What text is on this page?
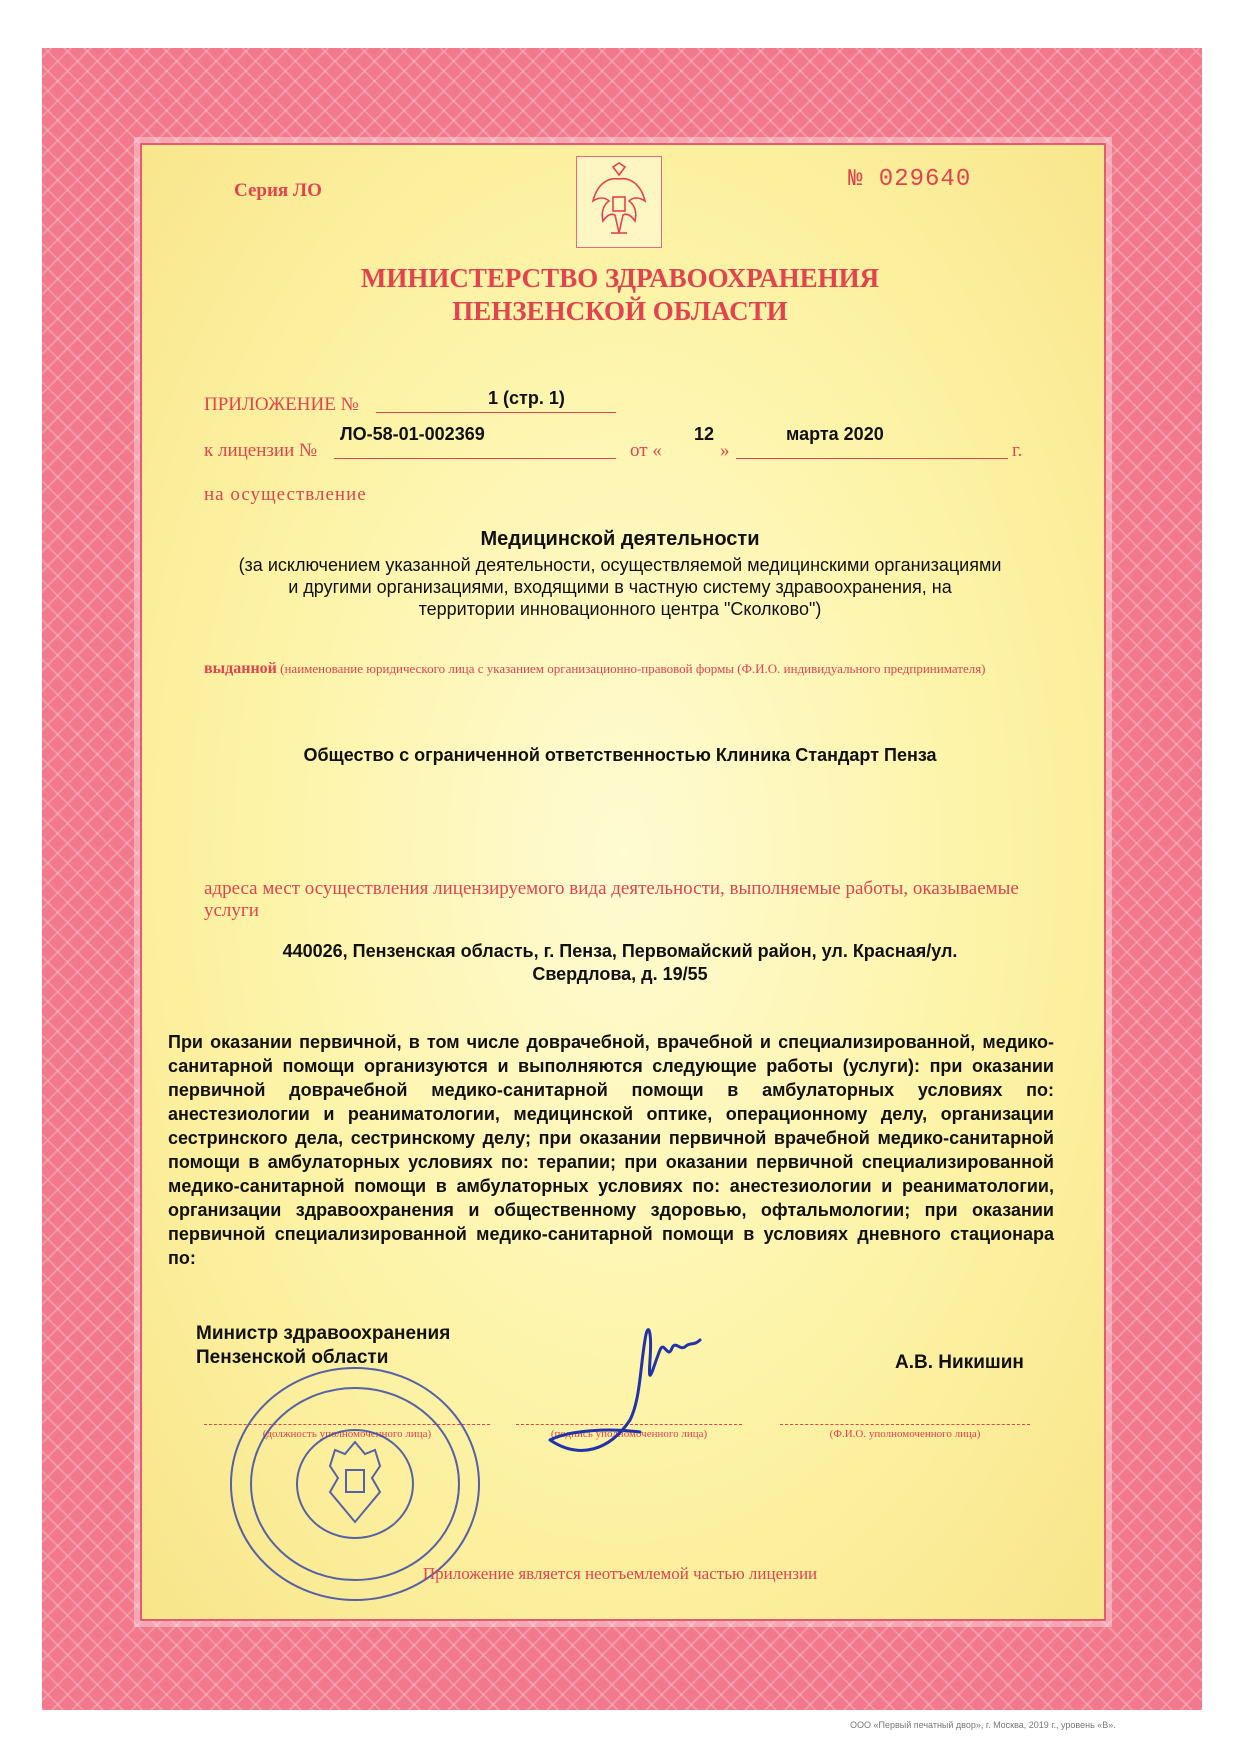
Серия ЛО	№ 029640
МИНИСТЕРСТВО ЗДРАВООХРАНЕНИЯ
ПЕНЗЕНСКОЙ ОБЛАСТИ
ПРИЛОЖЕНИЕ №	1 (стр. 1)
к лицензии №
ЛО-58-01-002369
от «
12
»
марта 2020
г.
на осуществление
Медицинской деятельности
(за исключением указанной деятельности, осуществляемой медицинскими организациями
и другими организациями, входящими в частную систему здравоохранения, на
территории инновационного центра "Сколково")
выданной (наименование юридического лица с указанием организационно-правовой формы (Ф.И.О. индивидуального предпринимателя)
Общество с ограниченной ответственностью Клиника Стандарт Пенза
адреса мест осуществления лицензируемого вида деятельности, выполняемые работы, оказываемые услуги
440026, Пензенская область, г. Пенза, Первомайский район, ул. Красная/ул.
Свердлова, д. 19/55
При оказании первичной, в том числе доврачебной, врачебной и специализированной, медико-санитарной помощи организуются и выполняются следующие работы (услуги): при оказании первичной доврачебной медико-санитарной помощи в амбулаторных условиях по: анестезиологии и реаниматологии, медицинской оптике, операционному делу, организации сестринского дела, сестринскому делу; при оказании первичной врачебной медико-санитарной помощи в амбулаторных условиях по: терапии; при оказании первичной специализированной медико-санитарной помощи в амбулаторных условиях по: анестезиологии и реаниматологии, организации здравоохранения и общественному здоровью, офтальмологии; при оказании первичной специализированной медико-санитарной помощи в условиях дневного стационара по:
Министр здравоохранения
Пензенской области	А.В. Никишин
(должность уполномоченного лица)	(подпись уполномоченного лица)	(Ф.И.О. уполномоченного лица)
Приложение является неотъемлемой частью лицензии
ООО «Первый печатный двор», г. Москва, 2019 г., уровень «В».
